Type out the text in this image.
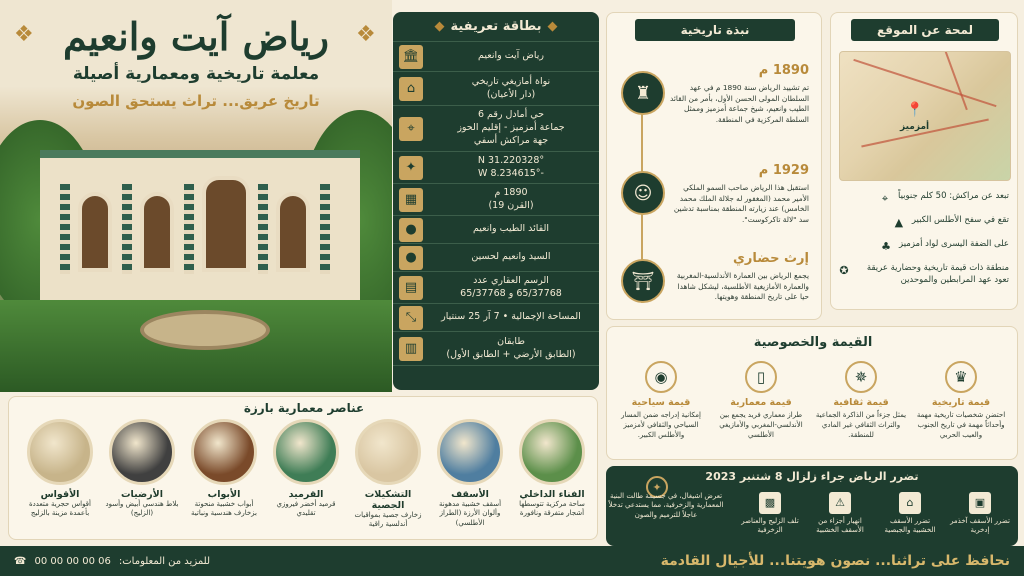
❖	❖
رياض آيت وانعيم
معلمة تاريخية ومعمارية أصيلة
تاريخ عريق... تراث يستحق الصون
◆
بطاقة تعريفية
◆
رياض آيت وانعيم
🏛
نواة أمازيغي تاريخي
(دار الأعيان)
⌂
حي أمادل رقم 6
جماعة أمزميز - إقليم الحوز
جهة مراكش أسفي
⌖
31.220328° N
-8.234615° W
✦
1890 م
(القرن 19)
▦
القائد الطيب وانعيم
●
السيد وانعيم لحسين
●
الرسم العقاري عدد
65/37768 و 65/37768
▤
المساحة الإجمالية • 7 آر 25 سنتيار
⤡
طابقان
(الطابق الأرضي + الطابق الأول)
▥
نبذة تاريخية
♜
1890 م
تم تشييد الرياض سنة 1890 م في عهد السلطان المولى الحسن الأول، بأمر من القائد الطيب وانعيم، شيخ جماعة أمزميز وممثل السلطة المركزية في المنطقة.
☺
1929 م
استقبل هذا الرياض صاحب السمو الملكي الأمير محمد (المغفور له جلالة الملك محمد الخامس) عند زيارته المنطقة بمناسبة تدشين سد "لالة تاكركوست".
⛩
إرث حضاري
يجمع الرياض بين العمارة الأندلسية-المغربية والعمارة الأمازيغية الأطلسية، ليشكل شاهدا حيا على تاريخ المنطقة وهويتها.
لمحة عن الموقع
📍
أمزميز
تبعد عن مراكش: 50 كلم جنوبياً
⌖
تقع في سفح الأطلس الكبير
▲
على الضفة اليسرى لواد أمزميز
♣
منطقة ذات قيمة تاريخية وحضارية عريقة تعود عهد المرابطين والموحدين
✪
القيمة والخصوصية
♛
قيمة تاريخية
احتضن شخصيات تاريخية مهمة وأحداثاً مهمة في تاريخ الجنوب والعيب الحربي
✵
قيمة ثقافية
يمثل جزءاً من الذاكرة الجماعية والتراث الثقافي غير المادي للمنطقة.
▯
قيمة معمارية
طراز معماري فريد يجمع بين الأندلسي-المغربي والأمازيغي الأطلسي
◉
قيمة سياحية
إمكانية إدراجه ضمن المسار السياحي والثقافي لأمزميز والأطلس الكبير.
تضرر الرياض جراء زلزال 8 شتنبر 2023
✦
▣
تضرر الأسقف آخذمر إدخرية
⌂
تضرر الأسقف الخشبية والجبصية
⚠
انهيار أجزاء من الأسقف الخشبية
▩
تلف الزليج والعناصر الزخرفية
تعرض اشيغال، في جسيمة طالت البنية المعمارية والزخرفية، مما يستدعي تدخلاً عاجلاً للترميم والصون
عناصر معمارية بارزة
الفناء الداخلي
ساحة مركزية تتوسطها أشجار متفرقة ونافورة
الأسقف
أسقف خشبية مدهونة وألوان الأرزة (الطراز الأطلسي)
التشكيلات الجصية
زخارف جصية بمواقيات أندلسية راقية
القرميد
قرميد أخضر فيروزي تقليدي
الأبواب
أبواب خشبية منحوتة بزخارف هندسية ونباتية
الأرضيات
بلاط هندسي أبيض وأسود (الزليج)
الأقواس
أقواس حجرية متعددة بأعمدة مزينة بالزليج
نحافظ على تراثنا... نصون هويتنا... للأجيال القادمة
للمزيد من المعلومات:
06 00 00 00 00
☎
